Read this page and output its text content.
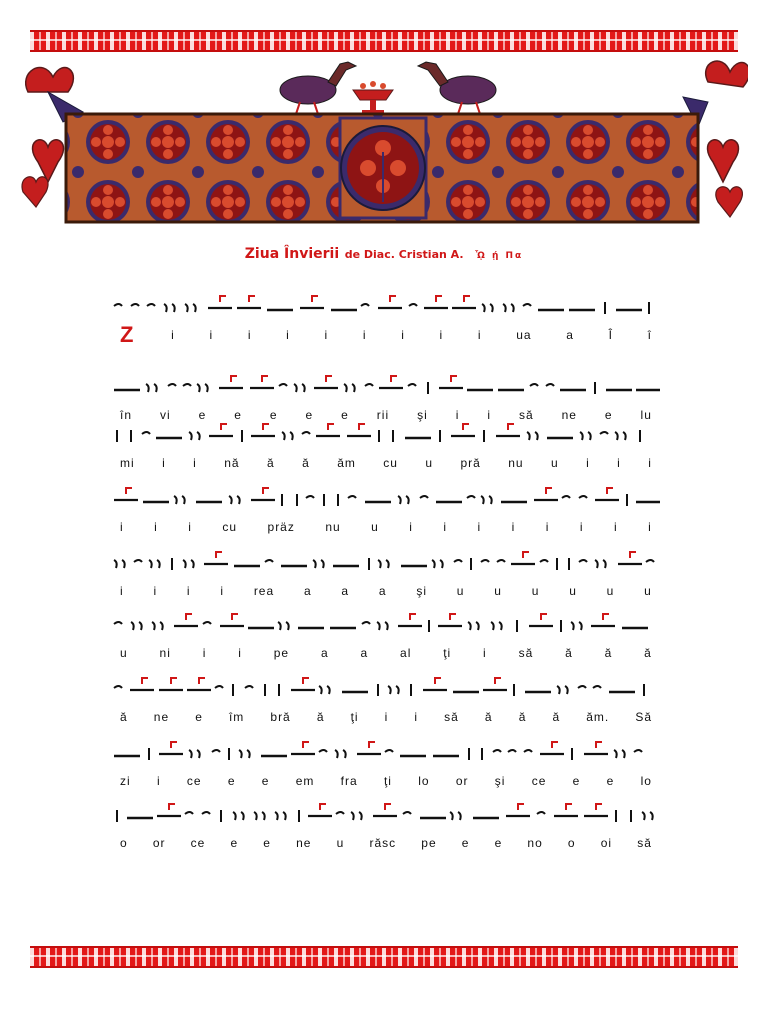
Ziua Învierii de Diac. Cristian A. ᾯ ῄ Πα
Z	i	i	i	i	i	i	i	i	i	ua	a	Î	î
în vi e e e e e rii şi i i să ne e lu
mi i i nă ă ă ăm cu u pră nu u i i i
i	i	i	cu	präz	nu	u	i	i	i	i	i	i	i	i
i i i i rea a a a şi u u u u u u
u	ni	i	i	pe	a	a	al	ţi	i	să	ă	ă	ă
ă ne e îm bră ă ţi i i să ă ă ă ăm. Să
zi i ce e e em fra ţi lo or şi ce e e lo
o or ce e e ne u răsc pe e e no o oi să
